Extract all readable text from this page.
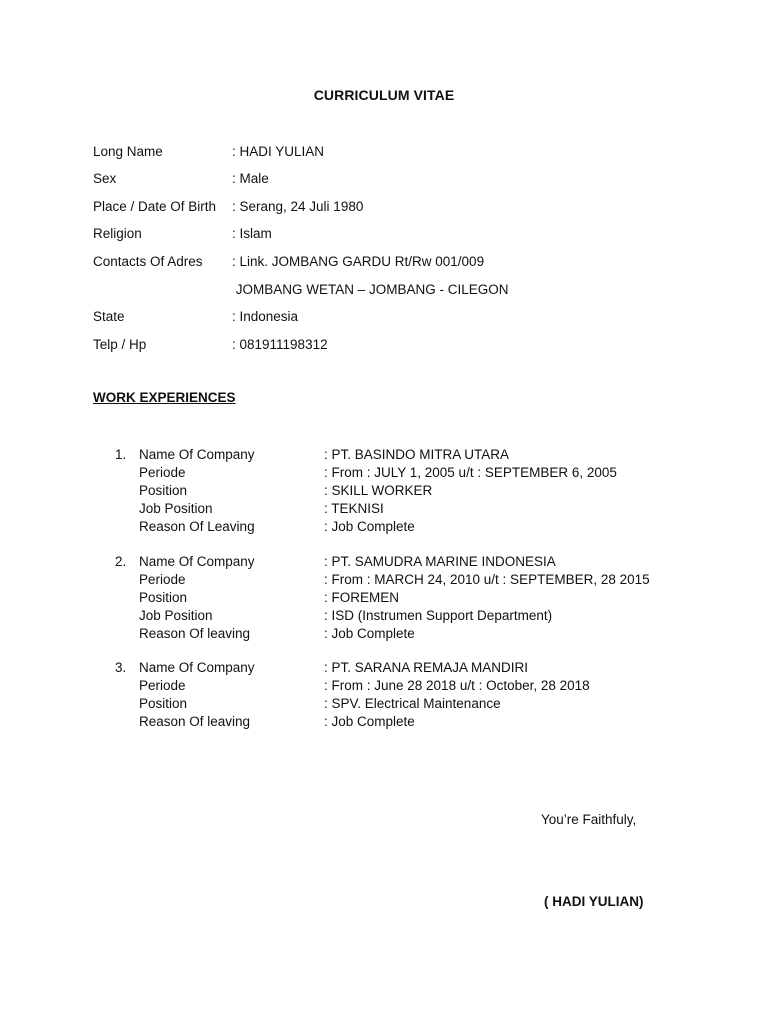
CURRICULUM VITAE
Long Name	: HADI YULIAN
Sex	: Male
Place / Date Of Birth : Serang, 24 Juli 1980
Religion	: Islam
Contacts Of Adres : Link. JOMBANG GARDU Rt/Rw 001/009
JOMBANG WETAN – JOMBANG - CILEGON
State	: Indonesia
Telp / Hp	: 081911198312
WORK EXPERIENCES
1. Name Of Company	: PT. BASINDO MITRA UTARA
Periode	: From : JULY 1, 2005 u/t : SEPTEMBER 6, 2005
Position	: SKILL WORKER
Job Position	: TEKNISI
Reason Of Leaving	: Job Complete
2. Name Of Company	: PT. SAMUDRA MARINE INDONESIA
Periode	: From : MARCH 24, 2010 u/t : SEPTEMBER, 28 2015
Position	: FOREMEN
Job Position	: ISD (Instrumen Support Department)
Reason Of leaving	: Job Complete
3. Name Of Company	: PT. SARANA REMAJA MANDIRI
Periode	: From : June 28 2018 u/t : October, 28 2018
Position	: SPV. Electrical Maintenance
Reason Of leaving	: Job Complete
You’re Faithfuly,
( HADI YULIAN)
